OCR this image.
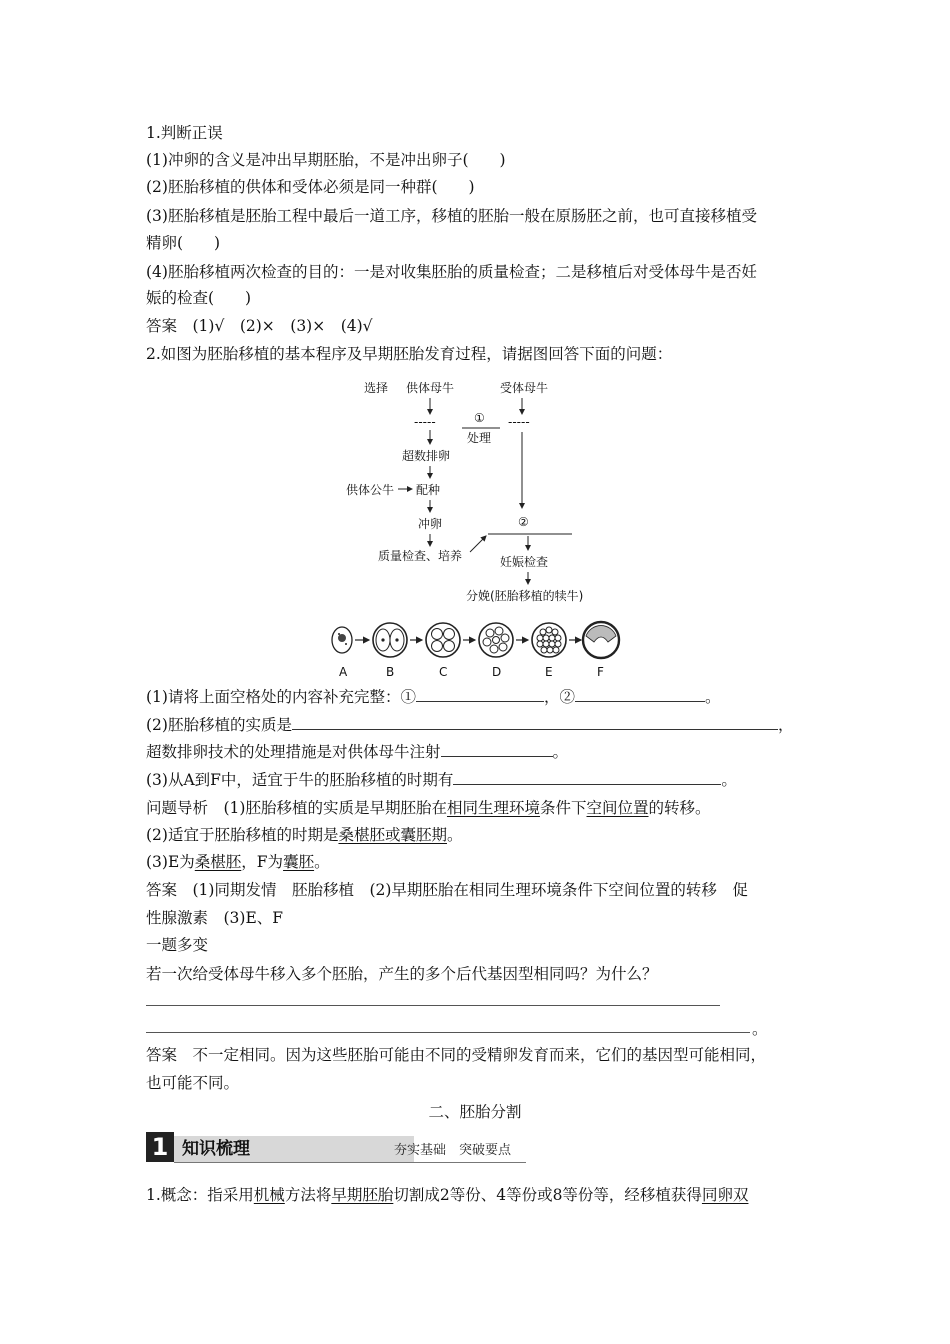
1.判断正误
(1)冲卵的含义是冲出早期胚胎，不是冲出卵子(　　)
(2)胚胎移植的供体和受体必须是同一种群(　　)
(3)胚胎移植是胚胎工程中最后一道工序，移植的胚胎一般在原肠胚之前，也可直接移植受
精卵(　　)
(4)胚胎移植两次检查的目的：一是对收集胚胎的质量检查；二是移植后对受体母牛是否妊
娠的检查(　　)
答案　(1)√　(2)×　(3)×　(4)√
2.如图为胚胎移植的基本程序及早期胚胎发育过程，请据图回答下面的问题：
选择 供体母牛	受体母牛
-----	①
处理
-----
超数排卵
供体公牛 配种
冲卵
质量检查、培养
②
妊娠检查
分娩(胚胎移植的犊牛)
A	B	C	D	E	F
(1)请将上面空格处的内容补充完整：①	，②	。
(2)胚胎移植的实质是	，
超数排卵技术的处理措施是对供体母牛注射	。
(3)从A到F中，适宜于牛的胚胎移植的时期有	。
问题导析　(1)胚胎移植的实质是早期胚胎在相同生理环境条件下空间位置的转移。
(2)适宜于胚胎移植的时期是桑椹胚或囊胚期。
(3)E为桑椹胚，F为囊胚。
答案　(1)同期发情　胚胎移植　(2)早期胚胎在相同生理环境条件下空间位置的转移　促
性腺激素　(3)E、F
一题多变
若一次给受体母牛移入多个胚胎，产生的多个后代基因型相同吗？为什么？
。
答案　不一定相同。因为这些胚胎可能由不同的受精卵发育而来，它们的基因型可能相同，
也可能不同。
二、胚胎分割
1 知识梳理	夯实基础　突破要点
1.概念：指采用机械方法将早期胚胎切割成2等份、4等份或8等份等，经移植获得同卵双
